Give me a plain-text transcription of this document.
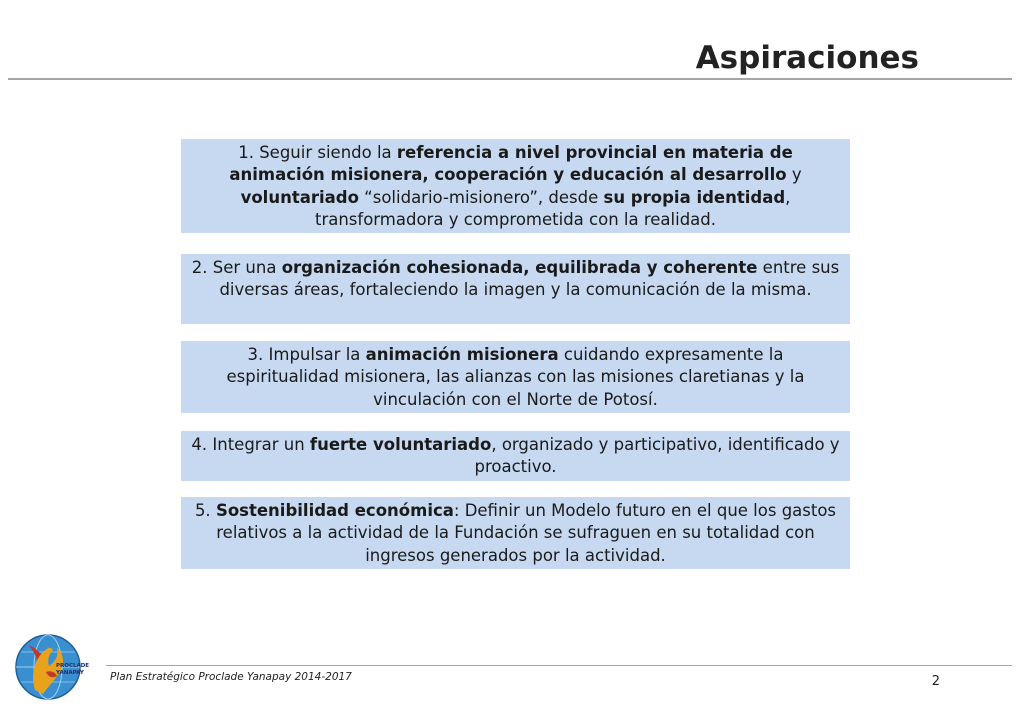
Aspiraciones
1. Seguir siendo la referencia a nivel provincial en materia de animación misionera, cooperación y educación al desarrollo y voluntariado “solidario-misionero”, desde su propia identidad, transformadora y comprometida con la realidad.
2. Ser una organización cohesionada, equilibrada y coherente entre sus diversas áreas, fortaleciendo la imagen y la comunicación de la misma.
3. Impulsar la animación misionera cuidando expresamente la espiritualidad misionera, las alianzas con las misiones claretianas y la vinculación con el Norte de Potosí.
4. Integrar un fuerte voluntariado, organizado y participativo, identificado y proactivo.
5. Sostenibilidad económica: Definir un Modelo futuro en el que los gastos relativos a la actividad de la Fundación se sufraguen en su totalidad con ingresos generados por la actividad.
PROCLADE
YANAPAY	Plan Estratégico Proclade Yanapay 2014-2017	2
